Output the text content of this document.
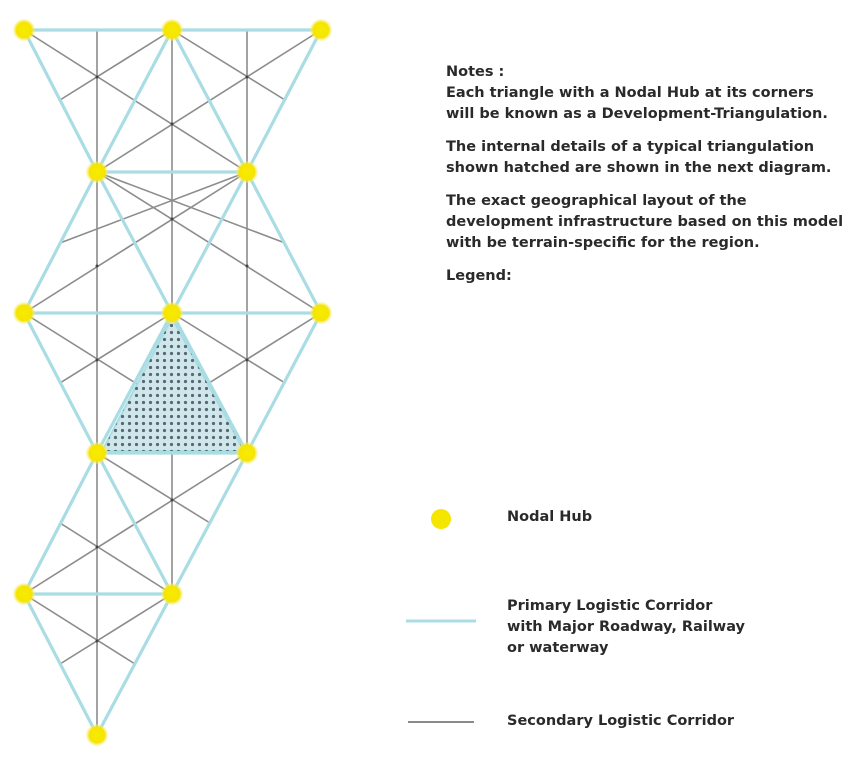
Notes :

Each triangle with a Nodal Hub at its corners will be known as a Development-Triangulation.

The internal details of a typical triangulation shown hatched are shown in the next diagram.

The exact geographical layout of the development infrastructure based on this model with be terrain-specific for the region.

Legend:

Nodal Hub
Primary Logistic Corridor
with Major Roadway, Railway
or waterway
Secondary Logistic Corridor
